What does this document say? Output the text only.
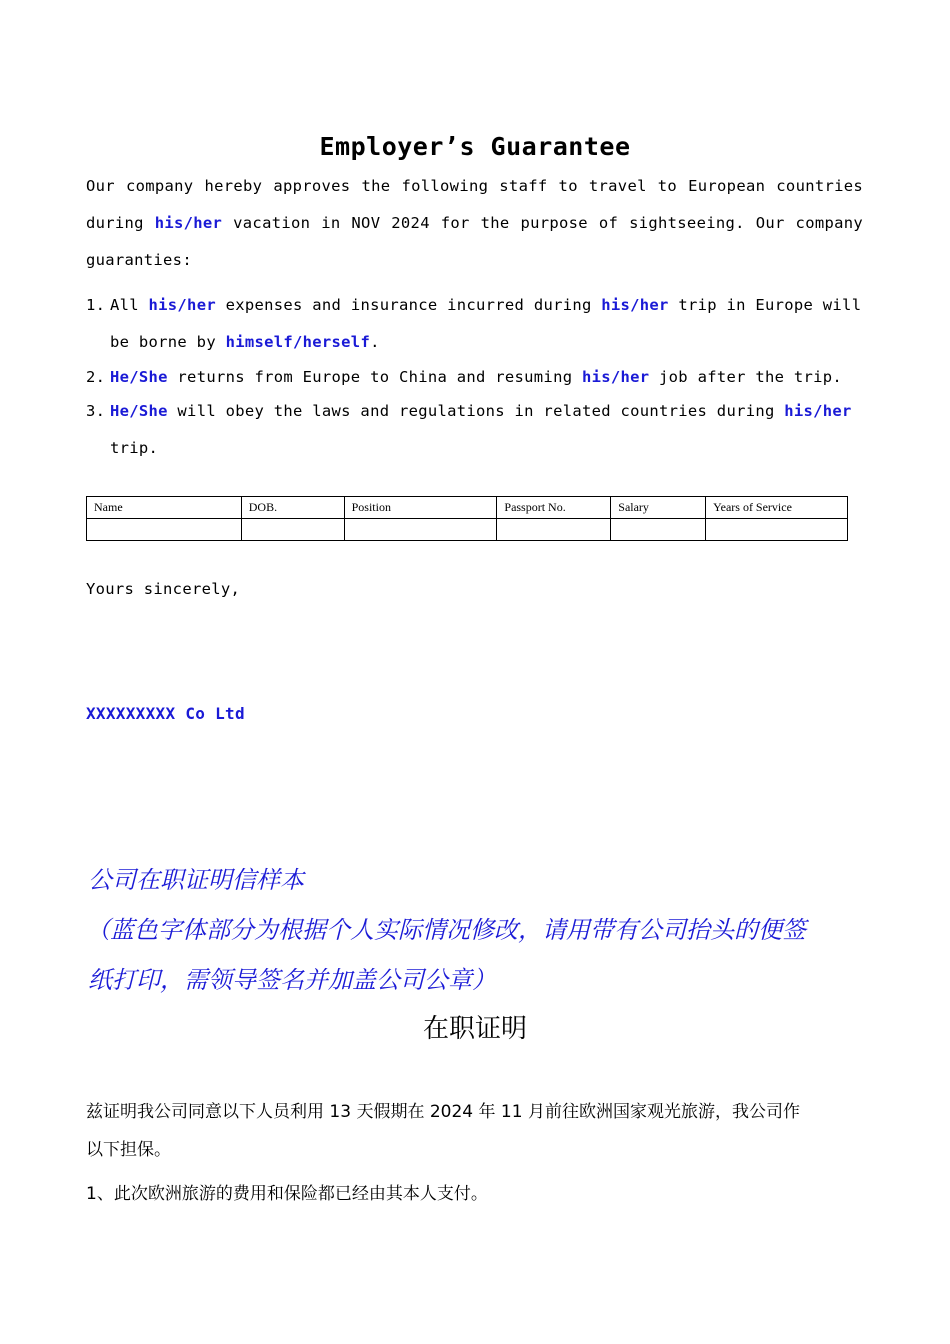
Employer’s Guarantee
Our company hereby approves the following staff to travel to European countries
during his/her vacation in NOV 2024 for the purpose of sightseeing. Our company
guaranties:
1. All his/her expenses and insurance incurred during his/her trip in Europe will
be borne by himself/herself.
2. He/She returns from Europe to China and resuming his/her job after the trip.
3. He/She will obey the laws and regulations in related countries during his/her
trip.
Name	DOB.	Position	Passport No.	Salary	Years of Service

Yours sincerely,
XXXXXXXXX Co Ltd
公司在职证明信样本
（蓝色字体部分为根据个人实际情况修改，请用带有公司抬头的便签
纸打印，需领导签名并加盖公司公章）
在职证明
兹证明我公司同意以下人员利用 13 天假期在 2024 年 11 月前往欧洲国家观光旅游，我公司作
以下担保。
1、此次欧洲旅游的费用和保险都已经由其本人支付。
